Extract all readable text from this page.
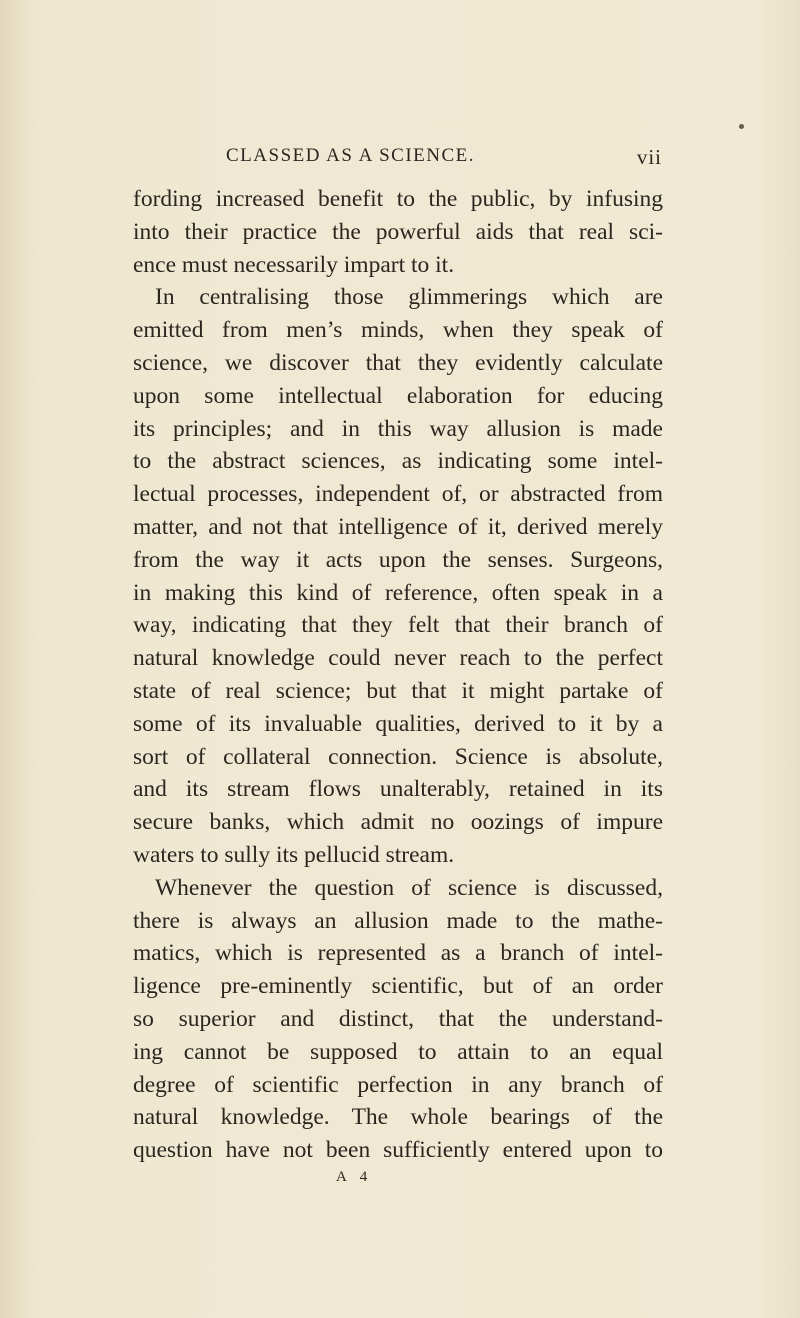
CLASSED AS A SCIENCE.	vii
fording increased benefit to the public, by infusing
into their practice the powerful aids that real sci-
ence must necessarily impart to it.
In centralising those glimmerings which are
emitted from men’s minds, when they speak of
science, we discover that they evidently calculate
upon some intellectual elaboration for educing
its principles; and in this way allusion is made
to the abstract sciences, as indicating some intel-
lectual processes, independent of, or abstracted from
matter, and not that intelligence of it, derived merely
from the way it acts upon the senses. Surgeons,
in making this kind of reference, often speak in a
way, indicating that they felt that their branch of
natural knowledge could never reach to the perfect
state of real science; but that it might partake of
some of its invaluable qualities, derived to it by a
sort of collateral connection. Science is absolute,
and its stream flows unalterably, retained in its
secure banks, which admit no oozings of impure
waters to sully its pellucid stream.
Whenever the question of science is discussed,
there is always an allusion made to the mathe-
matics, which is represented as a branch of intel-
ligence pre-eminently scientific, but of an order
so superior and distinct, that the understand-
ing cannot be supposed to attain to an equal
degree of scientific perfection in any branch of
natural knowledge. The whole bearings of the
question have not been sufficiently entered upon to
A 4
